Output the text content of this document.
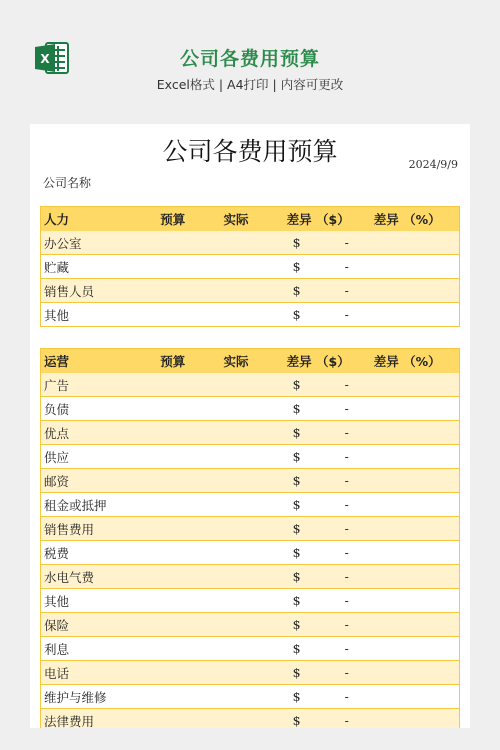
X	公司各费用预算
Excel格式 | A4打印 | 内容可更改
公司各费用预算	2024/9/9
公司名称
人力	预算	实际	差异 （$）	差异 （%）
办公室			$ -	
贮藏			$ -	
销售人员			$ -	
其他			$ -	
运营	预算	实际	差异 （$）	差异 （%）
广告			$ -	
负债			$ -	
优点			$ -	
供应			$ -	
邮资			$ -	
租金或抵押			$ -	
销售费用			$ -	
税费			$ -	
水电气费			$ -	
其他			$ -	
保险			$ -	
利息			$ -	
电话			$ -	
维护与维修			$ -	
法律费用			$ -	
